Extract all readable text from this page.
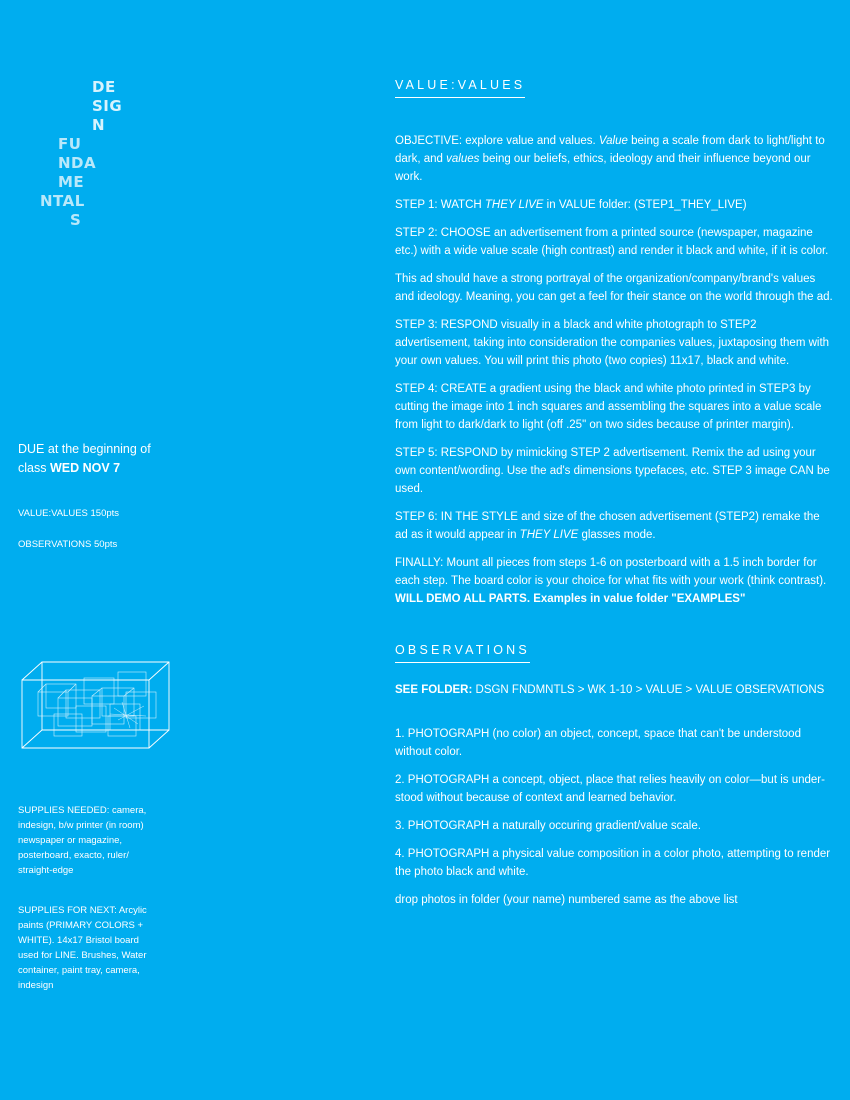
DE
SIG
N
FU
NDA
ME
NTAL
S
DUE at the beginning of
class WED NOV 7
VALUE:VALUES 150pts
OBSERVATIONS 50pts
SUPPLIES NEEDED: camera, indesign, b/w printer (in room) newspaper or magazine, posterboard, exacto, ruler/ straight-edge
SUPPLIES FOR NEXT: Arcylic paints (PRIMARY COLORS + WHITE). 14x17 Bristol board used for LINE. Brushes, Water container, paint tray, camera, indesign
VALUE:VALUES
OBJECTIVE: explore value and values. Value being a scale from dark to light/light to dark, and values being our beliefs, ethics, ideology and their influence beyond our work.
STEP 1: WATCH THEY LIVE in VALUE folder: (STEP1_THEY_LIVE)
STEP 2: CHOOSE an advertisement from a printed source (newspaper, magazine etc.) with a wide value scale (high contrast) and render it black and white, if it is color.
This ad should have a strong portrayal of the organization/company/brand's values and ideology. Meaning, you can get a feel for their stance on the world through the ad.
STEP 3: RESPOND visually in a black and white photograph to STEP2 advertisement, taking into consideration the companies values, juxtaposing them with your own values. You will print this photo (two copies) 11x17, black and white.
STEP 4: CREATE a gradient using the black and white photo printed in STEP3 by cutting the image into 1 inch squares and assembling the squares into a value scale from light to dark/dark to light (off .25" on two sides because of printer margin).
STEP 5: RESPOND by mimicking STEP 2 advertisement. Remix the ad using your own content/wording. Use the ad's dimensions typefaces, etc. STEP 3 image CAN be used.
STEP 6: IN THE STYLE and size of the chosen advertisement (STEP2) remake the ad as it would appear in THEY LIVE glasses mode.
FINALLY: Mount all pieces from steps 1-6 on posterboard with a 1.5 inch border for each step. The board color is your choice for what fits with your work (think contrast). WILL DEMO ALL PARTS. Examples in value folder "EXAMPLES"
OBSERVATIONS
SEE FOLDER: DSGN FNDMNTLS > WK 1-10 > VALUE > VALUE OBSERVATIONS
1. PHOTOGRAPH (no color) an object, concept, space that can't be understood without color.
2. PHOTOGRAPH a concept, object, place that relies heavily on color—but is under-stood without because of context and learned behavior.
3. PHOTOGRAPH a naturally occuring gradient/value scale.
4. PHOTOGRAPH a physical value composition in a color photo, attempting to render the photo black and white.
drop photos in folder (your name) numbered same as the above list
